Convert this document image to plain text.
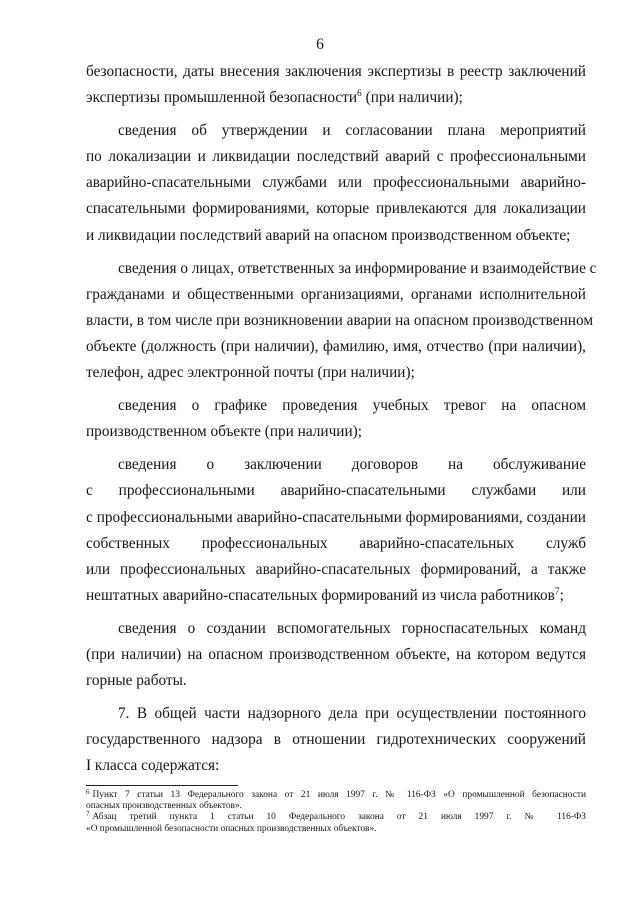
6
безопасности, даты внесения заключения экспертизы в реестр заключений
экспертизы промышленной безопасности$^6$ (при наличии);
сведения об утверждении и согласовании плана мероприятий
по локализации и ликвидации последствий аварий с профессиональными
аварийно-спасательными службами или профессиональными аварийно-
спасательными формированиями, которые привлекаются для локализации
и ликвидации последствий аварий на опасном производственном объекте;
сведения о лицах, ответственных за информирование и взаимодействие с
гражданами и общественными организациями, органами исполнительной
власти, в том числе при возникновении аварии на опасном производственном
объекте (должность (при наличии), фамилию, имя, отчество (при наличии),
телефон, адрес электронной почты (при наличии);
сведения о графике проведения учебных тревог на опасном
производственном объекте (при наличии);
сведения о заключении договоров на обслуживание
с профессиональными аварийно-спасательными службами или
с профессиональными аварийно-спасательными формированиями, создании
собственных профессиональных аварийно-спасательных служб
или профессиональных аварийно-спасательных формирований, а также
нештатных аварийно-спасательных формирований из числа работников$^7$;
сведения о создании вспомогательных горноспасательных команд
(при наличии) на опасном производственном объекте, на котором ведутся
горные работы.
7. В общей части надзорного дела при осуществлении постоянного
государственного надзора в отношении гидротехнических сооружений
I класса содержатся:
$^6$ Пункт 7 статьи 13 Федерального закона от 21 июля 1997 г. № 116-ФЗ «О промышленной безопасности
опасных производственных объектов».
$^7$ Абзац третий пункта 1 статьи 10 Федерального закона от 21 июля 1997 г. № 116-ФЗ
«О промышленной безопасности опасных производственных объектов».
